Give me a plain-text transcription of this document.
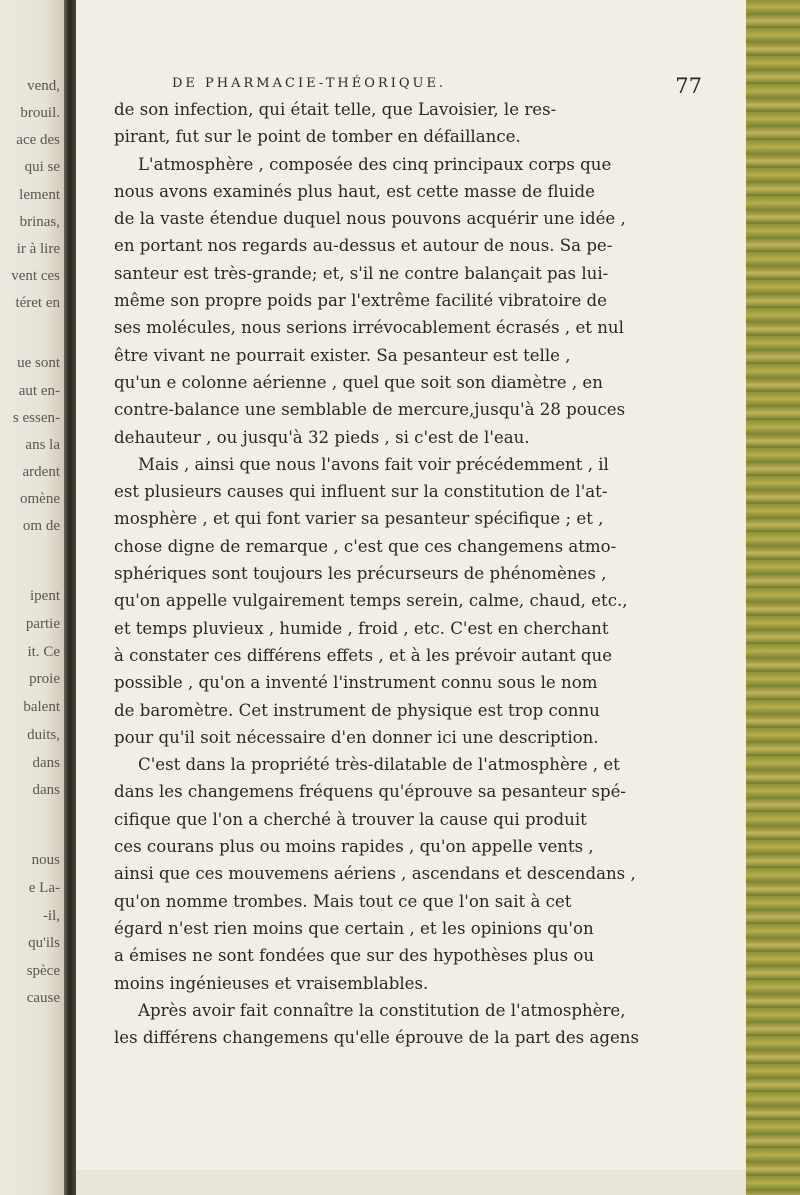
vend,
brouil.
ace des
qui se
lement
brinas,
ir à lire
vent ces
téret en
ue sont
aut en-
s essen-
ans la
ardent
omène
om de
ipent
partie
it. Ce
proie
balent
duits,
dans
dans
nous
e La-
-il,
qu'ils
spèce
cause
DE PHARMACIE-THÉORIQUE.	77
de son infection, qui était telle, que Lavoisier, le res-
pirant, fut sur le point de tomber en défaillance.
L'atmosphère , composée des cinq principaux corps que
nous avons examinés plus haut, est cette masse de fluide
de la vaste étendue duquel nous pouvons acquérir une idée ,
en portant nos regards au-dessus et autour de nous. Sa pe-
santeur est très-grande; et, s'il ne contre balançait pas lui-
même son propre poids par l'extrême facilité vibratoire de
ses molécules, nous serions irrévocablement écrasés , et nul
être vivant ne pourrait exister. Sa pesanteur est telle ,
qu'un e colonne aérienne , quel que soit son diamètre , en
contre-balance une semblable de mercure,jusqu'à 28 pouces
dehauteur , ou jusqu'à 32 pieds , si c'est de l'eau.
Mais , ainsi que nous l'avons fait voir précédemment , il
est plusieurs causes qui influent sur la constitution de l'at-
mosphère , et qui font varier sa pesanteur spécifique ; et ,
chose digne de remarque , c'est que ces changemens atmo-
sphériques sont toujours les précurseurs de phénomènes ,
qu'on appelle vulgairement temps serein, calme, chaud, etc.,
et temps pluvieux , humide , froid , etc. C'est en cherchant
à constater ces différens effets , et à les prévoir autant que
possible , qu'on a inventé l'instrument connu sous le nom
de baromètre. Cet instrument de physique est trop connu
pour qu'il soit nécessaire d'en donner ici une description.
C'est dans la propriété très-dilatable de l'atmosphère , et
dans les changemens fréquens qu'éprouve sa pesanteur spé-
cifique que l'on a cherché à trouver la cause qui produit
ces courans plus ou moins rapides , qu'on appelle vents ,
ainsi que ces mouvemens aériens , ascendans et descendans ,
qu'on nomme trombes. Mais tout ce que l'on sait à cet
égard n'est rien moins que certain , et les opinions qu'on
a émises ne sont fondées que sur des hypothèses plus ou
moins ingénieuses et vraisemblables.
Après avoir fait connaître la constitution de l'atmosphère,
les différens changemens qu'elle éprouve de la part des agens
